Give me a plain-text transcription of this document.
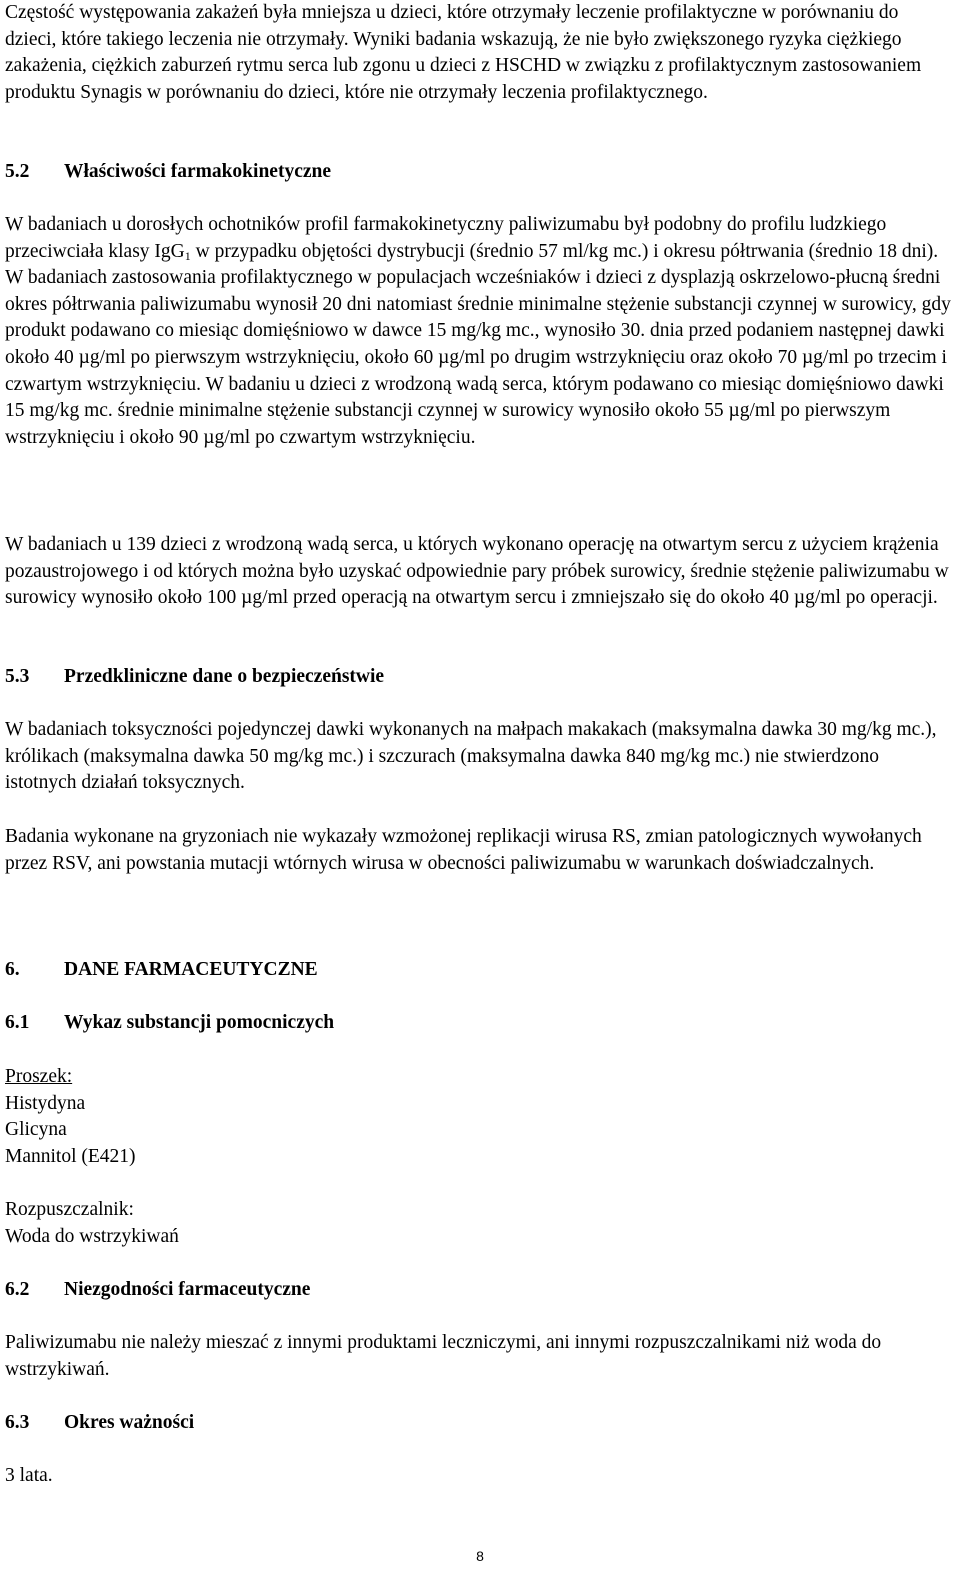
Częstość występowania zakażeń była mniejsza u dzieci, które otrzymały leczenie profilaktyczne w porównaniu do dzieci, które takiego leczenia nie otrzymały. Wyniki badania wskazują, że nie było zwiększonego ryzyka ciężkiego zakażenia, ciężkich zaburzeń rytmu serca lub zgonu u dzieci z HSCHD w związku z profilaktycznym zastosowaniem produktu Synagis w porównaniu do dzieci, które nie otrzymały leczenia profilaktycznego.

5.2 Właściwości farmakokinetyczne

W badaniach u dorosłych ochotników profil farmakokinetyczny paliwizumabu był podobny do profilu ludzkiego przeciwciała klasy IgG$_1$ w przypadku objętości dystrybucji (średnio 57 ml/kg mc.) i okresu półtrwania (średnio 18 dni). W badaniach zastosowania profilaktycznego w populacjach wcześniaków i dzieci z dysplazją oskrzelowo-płucną średni okres półtrwania paliwizumabu wynosił 20 dni natomiast średnie minimalne stężenie substancji czynnej w surowicy, gdy produkt podawano co miesiąc domięśniowo w dawce 15 mg/kg mc., wynosiło 30. dnia przed podaniem następnej dawki około 40 µg/ml po pierwszym wstrzyknięciu, około 60 µg/ml po drugim wstrzyknięciu oraz około 70 µg/ml po trzecim i czwartym wstrzyknięciu. W badaniu u dzieci z wrodzoną wadą serca, którym podawano co miesiąc domięśniowo dawki 15 mg/kg mc. średnie minimalne stężenie substancji czynnej w surowicy wynosiło około 55 µg/ml po pierwszym wstrzyknięciu i około 90 µg/ml po czwartym wstrzyknięciu.

W badaniach u 139 dzieci z wrodzoną wadą serca, u których wykonano operację na otwartym sercu z użyciem krążenia pozaustrojowego i od których można było uzyskać odpowiednie pary próbek surowicy, średnie stężenie paliwizumabu w surowicy wynosiło około 100 µg/ml przed operacją na otwartym sercu i zmniejszało się do około 40 µg/ml po operacji.

5.3 Przedkliniczne dane o bezpieczeństwie

W badaniach toksyczności pojedynczej dawki wykonanych na małpach makakach (maksymalna dawka 30 mg/kg mc.), królikach (maksymalna dawka 50 mg/kg mc.) i szczurach (maksymalna dawka 840 mg/kg mc.) nie stwierdzono istotnych działań toksycznych.

Badania wykonane na gryzoniach nie wykazały wzmożonej replikacji wirusa RS, zmian patologicznych wywołanych przez RSV, ani powstania mutacji wtórnych wirusa w obecności paliwizumabu w warunkach doświadczalnych.

6. DANE FARMACEUTYCZNE
6.1 Wykaz substancji pomocniczych
Proszek:
Histydyna
Glicyna
Mannitol (E421)
Rozpuszczalnik:
Woda do wstrzykiwań
6.2 Niezgodności farmaceutyczne

Paliwizumabu nie należy mieszać z innymi produktami leczniczymi, ani innymi rozpuszczalnikami niż woda do wstrzykiwań.

6.3 Okres ważności

3 lata.

8
